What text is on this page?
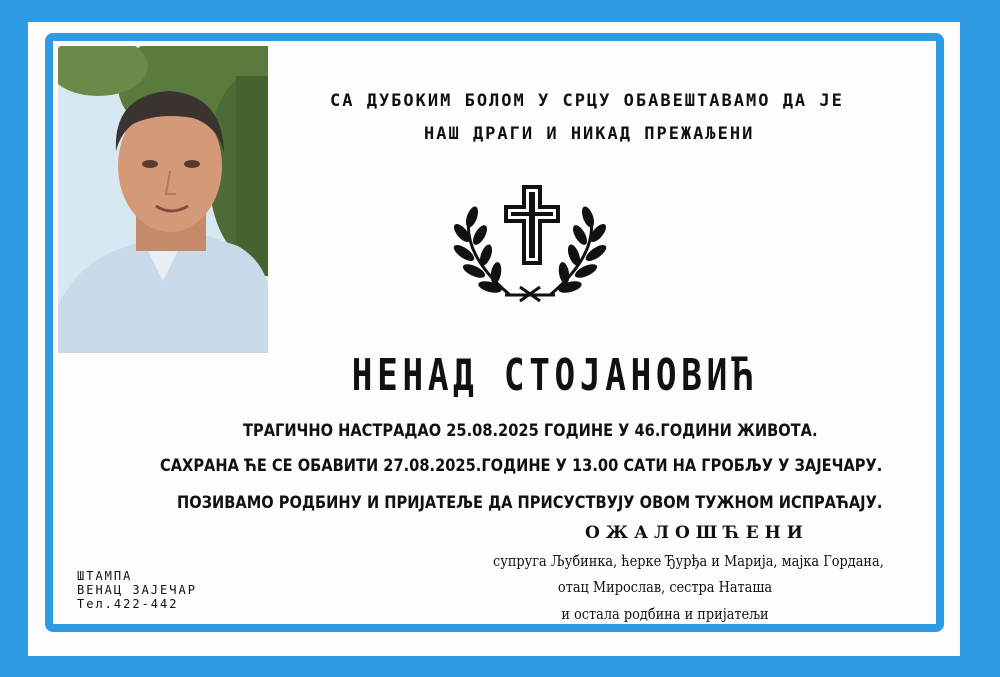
СА ДУБОКИМ БОЛОМ У СРЦУ ОБАВЕШТАВАМО ДА ЈЕ
НАШ ДРАГИ И НИКАД ПРЕЖАЉЕНИ
НЕНАД СТОЈАНОВИЋ
ТРАГИЧНО НАСТРАДАО 25.08.2025 ГОДИНЕ У 46.ГОДИНИ ЖИВОТА.
САХРАНА ЋЕ СЕ ОБАВИТИ 27.08.2025.ГОДИНЕ У 13.00 САТИ НА ГРОБЉУ У ЗАЈЕЧАРУ.
ПОЗИВАМО РОДБИНУ И ПРИЈАТЕЉЕ ДА ПРИСУСТВУЈУ ОВОМ ТУЖНОМ ИСПРАЋАЈУ.
ОЖАЛОШЋЕНИ
супруга Љубинка, ћерке Ђурђа и Марија, мајка Гордана,
отац Мирослав, сестра Наташа
и остала родбина и пријатељи
ШТАМПА
ВЕНАЦ ЗАЈЕЧАР
Тел.422-442
